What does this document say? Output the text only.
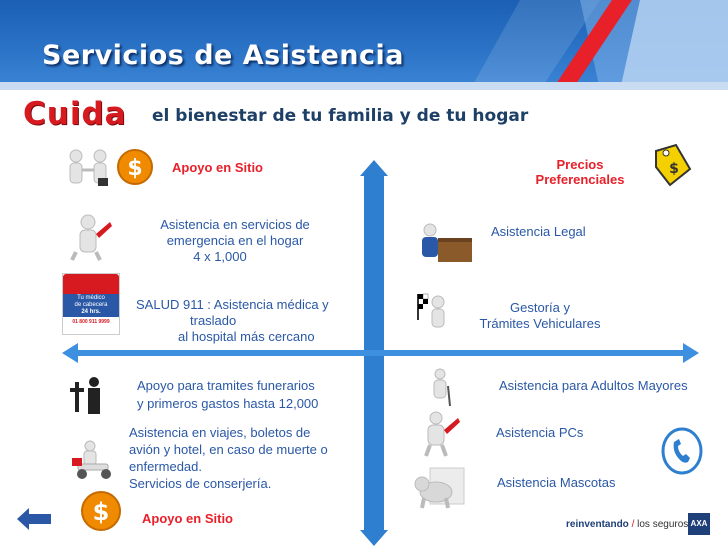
Servicios de Asistencia
Cuida el bienestar de tu familia y de tu hogar
$ Apoyo en Sitio
Asistencia en servicios de
emergencia en el hogar
4 x 1,000
Tu médico
de cabecera
24 hrs.
01 800 911 9999
SALUD 911 : Asistencia médica y
traslado
al hospital más cercano
Apoyo para tramites funerarios
y primeros gastos hasta 12,000
Asistencia en viajes, boletos de
avión y hotel, en caso de muerte o
enfermedad.
Servicios de conserjería.
$	Apoyo en Sitio
Precios
Preferenciales
$
Asistencia Legal
Gestoría y
Trámites Vehiculares
Asistencia para Adultos Mayores
Asistencia PCs
Asistencia Mascotas
reinventando / los seguros AXA
